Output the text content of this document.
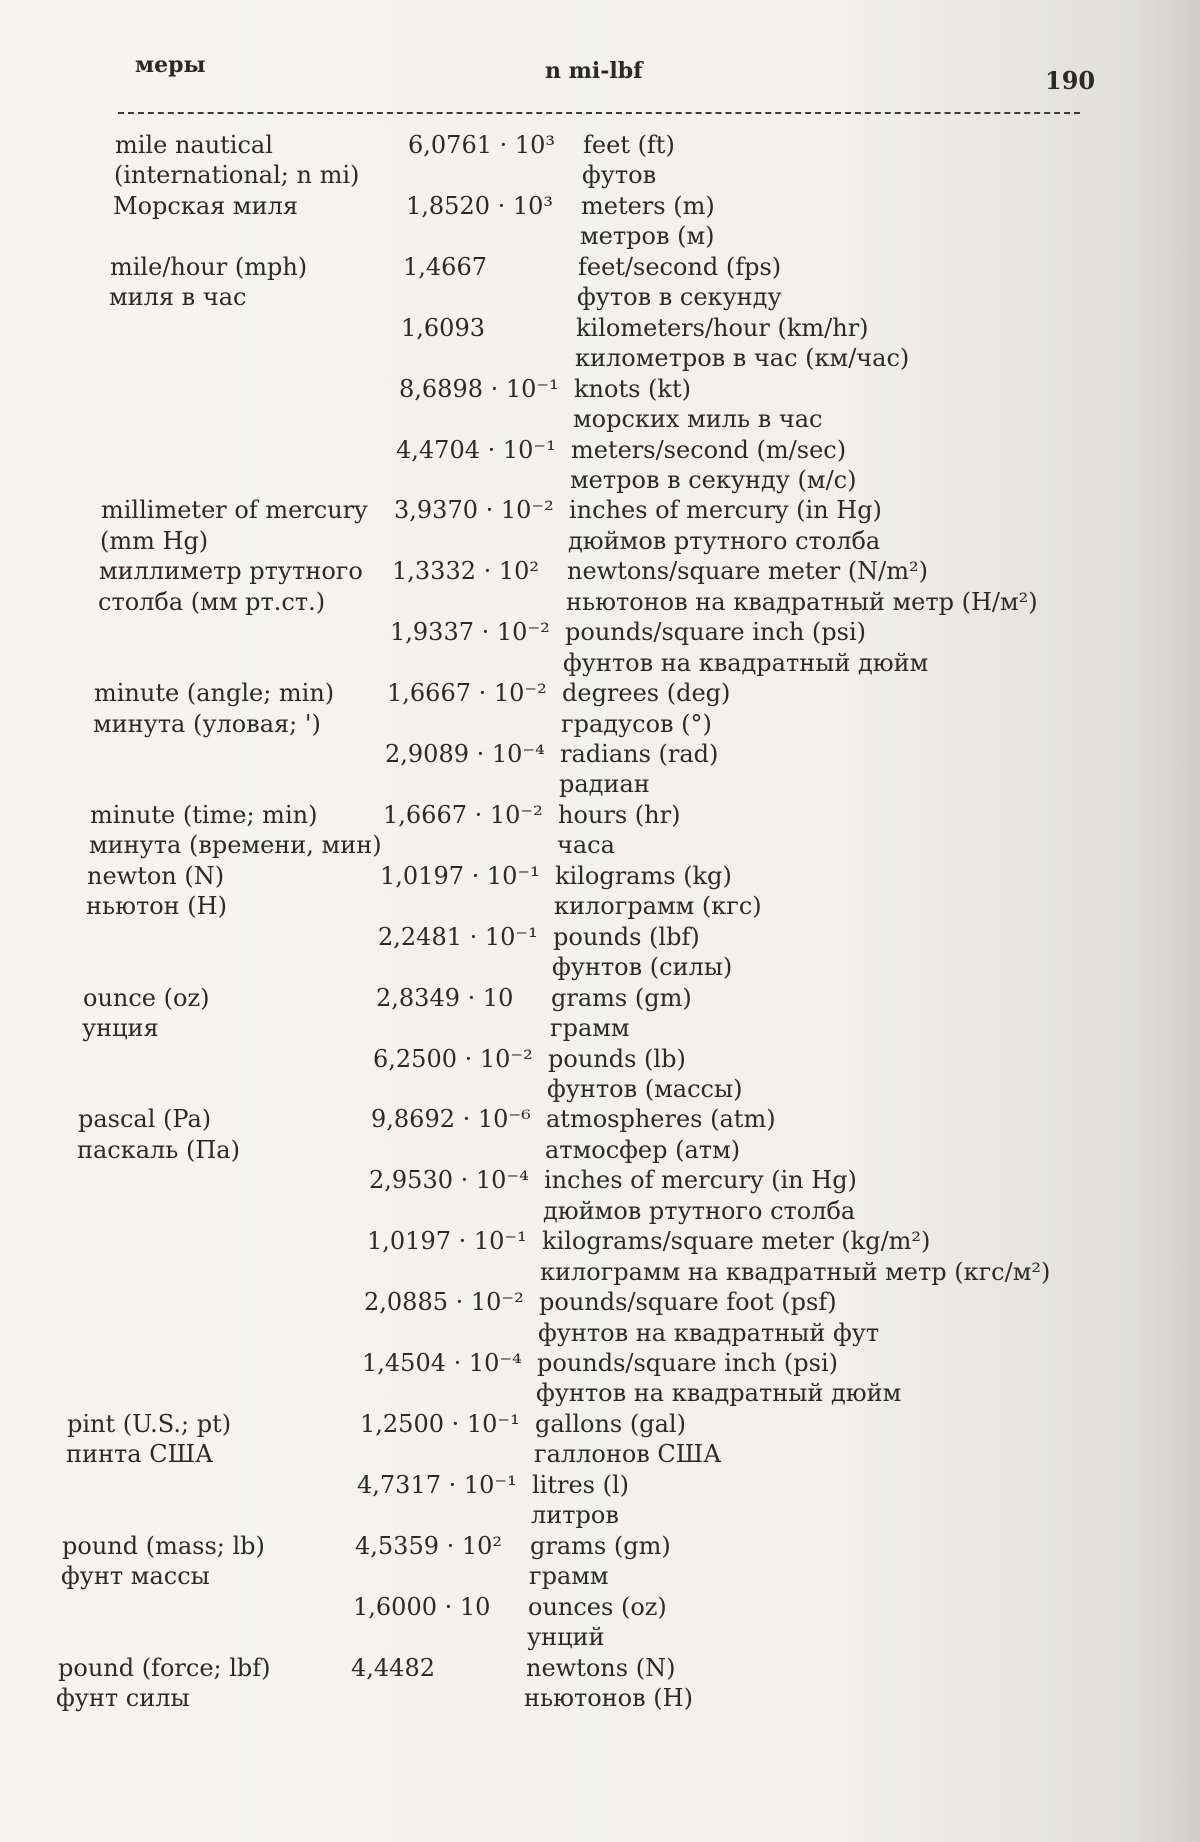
меры	n mi-lbf	190
mile nautical	6,0761 · 10³ feet (ft)
(international; n mi)	футов
Морская миля	1,8520 · 10³ meters (m)
метров (м)
mile/hour (mph)	1,4667	feet/second (fps)
миля в час	футов в секунду
1,6093	kilometers/hour (km/hr)
километров в час (км/час)
8,6898 · 10⁻¹ knots (kt)
морских миль в час
4,4704 · 10⁻¹ meters/second (m/sec)
метров в секунду (м/с)
millimeter of mercury 3,9370 · 10⁻² inches of mercury (in Hg)
(mm Hg)	дюймов ртутного столба
миллиметр ртутного 1,3332 · 10² newtons/square meter (N/m²)
столба (мм рт.ст.)	ньютонов на квадратный метр (Н/м²)
1,9337 · 10⁻² pounds/square inch (psi)
фунтов на квадратный дюйм
minute (angle; min) 1,6667 · 10⁻² degrees (deg)
минута (уловая; ')	градусов (°)
2,9089 · 10⁻⁴ radians (rad)
радиан
minute (time; min)	1,6667 · 10⁻² hours (hr)
минута (времени, мин)	часа
newton (N)	1,0197 · 10⁻¹ kilograms (kg)
ньютон (Н)	килограмм (кгс)
2,2481 · 10⁻¹ pounds (lbf)
фунтов (силы)
ounce (oz)	2,8349 · 10 grams (gm)
унция	грамм
6,2500 · 10⁻² pounds (lb)
фунтов (массы)
pascal (Pa)	9,8692 · 10⁻⁶ atmospheres (atm)
паскаль (Па)	атмосфер (атм)
2,9530 · 10⁻⁴ inches of mercury (in Hg)
дюймов ртутного столба
1,0197 · 10⁻¹ kilograms/square meter (kg/m²)
килограмм на квадратный метр (кгс/м²)
2,0885 · 10⁻² pounds/square foot (psf)
фунтов на квадратный фут
1,4504 · 10⁻⁴ pounds/square inch (psi)
фунтов на квадратный дюйм
pint (U.S.; pt)	1,2500 · 10⁻¹ gallons (gal)
пинта США	галлонов США
4,7317 · 10⁻¹ litres (l)
литров
pound (mass; lb)	4,5359 · 10² grams (gm)
фунт массы	грамм
1,6000 · 10 ounces (oz)
унций
pound (force; lbf)	4,4482	newtons (N)
фунт силы	ньютонов (Н)
